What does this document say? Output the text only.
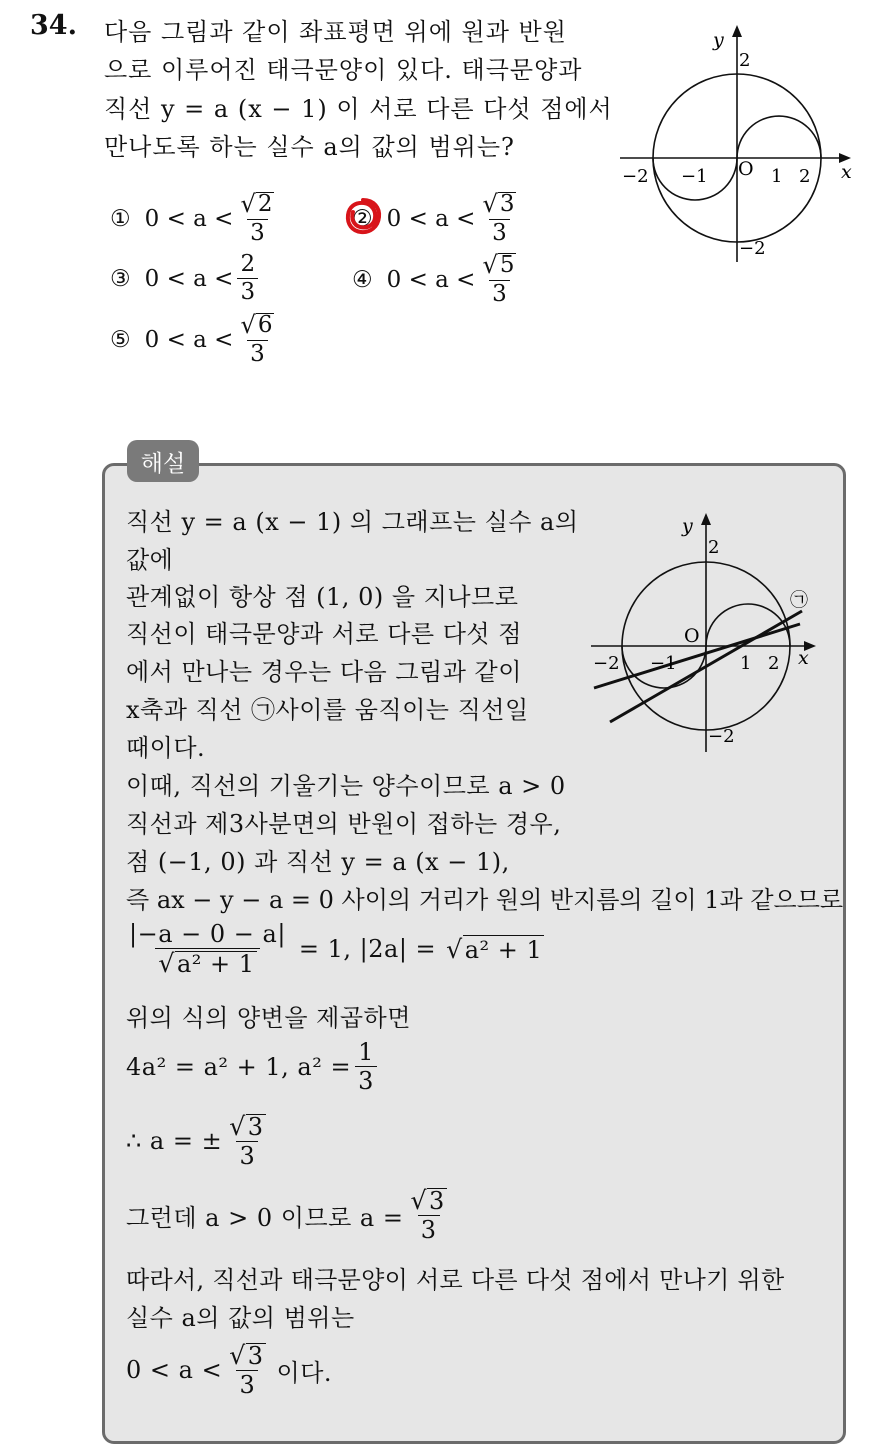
34. 다음 그림과 같이 좌표평면 위에 원과 반원
으로 이루어진 태극문양이 있다. 태극문양과
직선 y = a (x − 1) 이 서로 다른 다섯 점에서
만나도록 하는 실수 a의 값의 범위는?
① $0 < a < \frac{√ 2}{3}$	② $0 < a < \frac{√ 3}{3}$
③ $0 < a < \frac{2}{3}$	④ $0 < a < \frac{√ 5}{3}$
⑤ $0 < a < \frac{√ 6}{3}$
y
x
O
−2 −1	1 2
2
−2
해설
직선 y = a (x − 1) 의 그래프는 실수 a의
값에
관계없이 항상 점 (1, 0) 을 지나므로
직선이 태극문양과 서로 다른 다섯 점
에서 만나는 경우는 다음 그림과 같이
x축과 직선 ㉠사이를 움직이는 직선일
때이다.
이때, 직선의 기울기는 양수이므로 a > 0
직선과 제3사분면의 반원이 접하는 경우,
점 (−1, 0) 과 직선 y = a (x − 1),
즉 ax − y − a = 0 사이의 거리가 원의 반지름의 길이 1과 같으므로
$\frac{|-a - 0 - a|}{\text{√ a² + 1}} = 1$, |2a| = √ a² + 1
위의 식의 양변을 제곱하면
4a² = a² + 1, $a^2 = \frac{1}{3}$
∴ a = ± $\frac{√ 3}{3}$
그런데 a > 0 이므로 $a = \frac{√ 3}{3}$
따라서, 직선과 태극문양이 서로 다른 다섯 점에서 만나기 위한
실수 a의 값의 범위는
$0 < a < \frac{√ 3}{3}$ 이다.
y
x
O
−2 −1	1 2
2
−2
㉠
